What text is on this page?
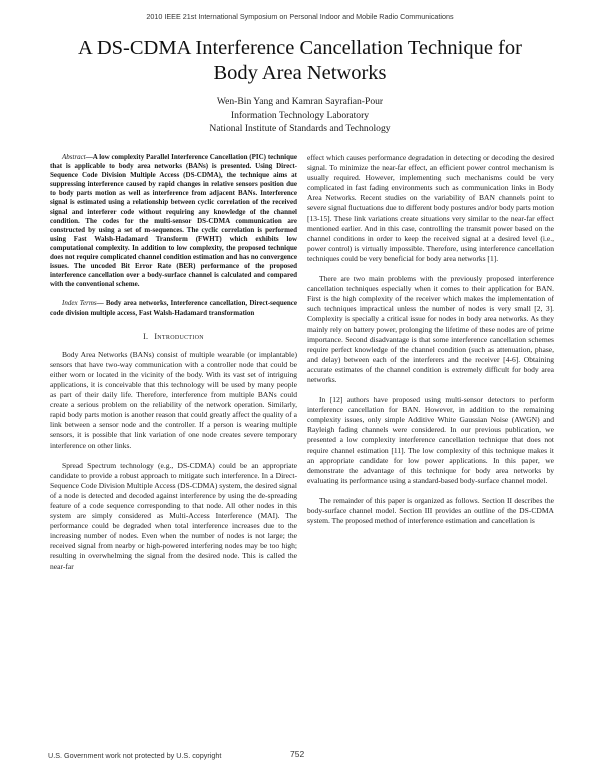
2010 IEEE 21st International Symposium on Personal Indoor and Mobile Radio Communications
A DS-CDMA Interference Cancellation Technique for
Body Area Networks
Wen-Bin Yang and Kamran Sayrafian-Pour
Information Technology Laboratory
National Institute of Standards and Technology

Abstract—A low complexity Parallel Interference Cancellation (PIC) technique that is applicable to body area networks (BANs) is presented. Using Direct-Sequence Code Division Multiple Access (DS-CDMA), the technique aims at suppressing interference caused by rapid changes in relative sensors position due to body parts motion as well as interference from adjacent BANs. Interference signal is estimated using a relationship between cyclic correlation of the received signal and interferer code without requiring any knowledge of the channel condition. The codes for the multi-sensor DS-CDMA communication are constructed by using a set of m-sequences. The cyclic correlation is performed using Fast Walsh-Hadamard Transform (FWHT) which exhibits low computational complexity. In addition to low complexity, the proposed technique does not require complicated channel condition estimation and has no convergence issues. The uncoded Bit Error Rate (BER) performance of the proposed interference cancellation over a body-surface channel is calculated and compared with the conventional scheme.

Index Terms— Body area networks, Interference cancellation, Direct-sequence code division multiple access, Fast Walsh-Hadamard transformation

I. Introduction

Body Area Networks (BANs) consist of multiple wearable (or implantable) sensors that have two-way communication with a controller node that could be either worn or located in the vicinity of the body. With its vast set of intriguing applications, it is conceivable that this technology will be used by many people as part of their daily life. Therefore, interference from multiple BANs could create a serious problem on the reliability of the network operation. Similarly, rapid body parts motion is another reason that could greatly affect the quality of a link between a sensor node and the controller. If a person is wearing multiple sensors, it is possible that link variation of one node creates severe temporary interference on other links.

Spread Spectrum technology (e.g., DS-CDMA) could be an appropriate candidate to provide a robust approach to mitigate such interference. In a Direct-Sequence Code Division Multiple Access (DS-CDMA) system, the desired signal of a node is detected and decoded against interference by using the de-spreading feature of a code sequence corresponding to that node. All other nodes in this system are simply considered as Multi-Access Interference (MAI). The performance could be degraded when total interference increases due to the increasing number of nodes. Even when the number of nodes is not large; the received signal from nearby or high-powered interfering nodes may be too high; resulting in overwhelming the signal from the desired node. This is called the near-far

effect which causes performance degradation in detecting or decoding the desired signal. To minimize the near-far effect, an efficient power control mechanism is usually required. However, implementing such mechanisms could be very complicated in fast fading environments such as communication links in Body Area Networks. Recent studies on the variability of BAN channels point to severe signal fluctuations due to different body postures and/or body parts motion [13-15]. These link variations create situations very similar to the near-far effect mentioned earlier. And in this case, controlling the transmit power based on the channel conditions in order to keep the received signal at a desired level (i.e., power control) is virtually impossible. Therefore, using interference cancellation techniques could be very beneficial for body area networks [1].

There are two main problems with the previously proposed interference cancellation techniques especially when it comes to their application for BAN. First is the high complexity of the receiver which makes the implementation of such techniques impractical unless the number of nodes is very small [2, 3]. Complexity is specially a critical issue for nodes in body area networks. As they mainly rely on battery power, prolonging the lifetime of these nodes are of prime importance. Second disadvantage is that some interference cancellation schemes require perfect knowledge of the channel condition (such as attenuation, phase, and delay) between each of the interferers and the receiver [4-6]. Obtaining accurate estimates of the channel condition is extremely difficult for body area networks.

In [12] authors have proposed using multi-sensor detectors to perform interference cancellation for BAN. However, in addition to the remaining complexity issues, only simple Additive White Gaussian Noise (AWGN) and Rayleigh fading channels were considered. In our previous publication, we presented a low complexity interference cancellation technique that does not require channel estimation [11]. The low complexity of this technique makes it an appropriate candidate for low power applications. In this paper, we demonstrate the advantage of this technique for body area networks by evaluating its performance using a standard-based body-surface channel model.

The remainder of this paper is organized as follows. Section II describes the body-surface channel model. Section III provides an outline of the DS-CDMA system. The proposed method of interference estimation and cancellation is

U.S. Government work not protected by U.S. copyright	752
